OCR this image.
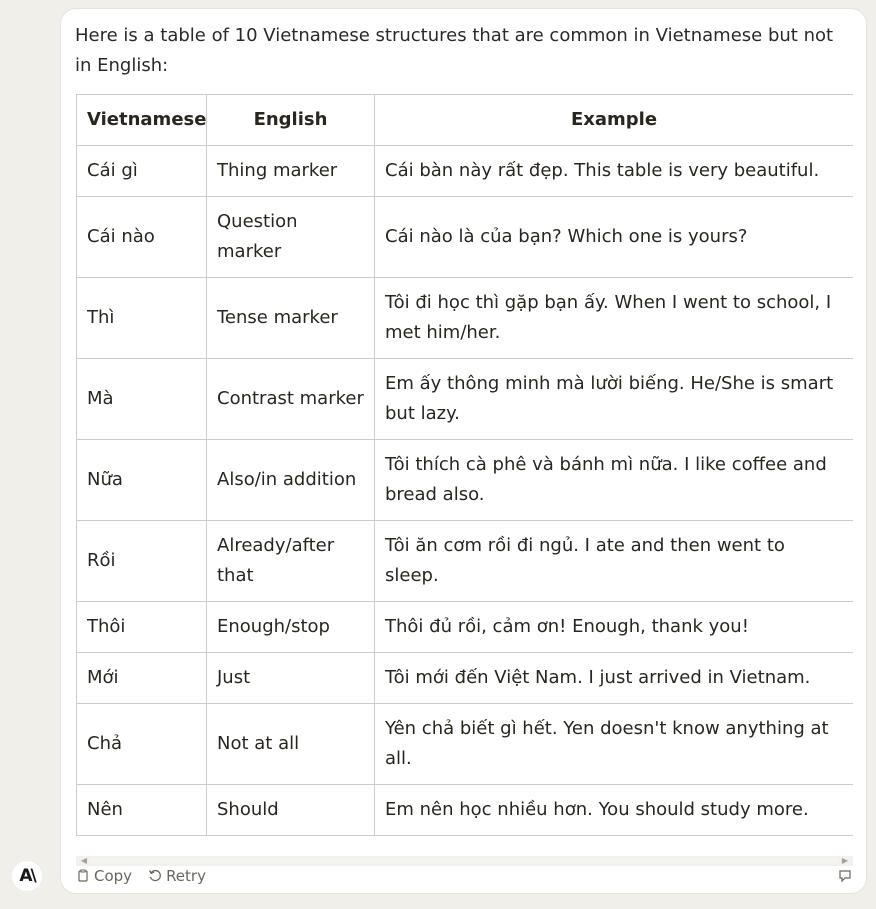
A\
Here is a table of 10 Vietnamese structures that are common in Vietnamese but not in English:
Vietnamese	English	Example
Cái gì	Thing marker	Cái bàn này rất đẹp. This table is very beautiful.
Cái nào	Question marker	Cái nào là của bạn? Which one is yours?
Thì	Tense marker	Tôi đi học thì gặp bạn ấy. When I went to school, I met him/her.
Mà	Contrast marker	Em ấy thông minh mà lười biếng. He/She is smart but lazy.
Nữa	Also/in addition	Tôi thích cà phê và bánh mì nữa. I like coffee and bread also.
Rồi	Already/after that	Tôi ăn cơm rồi đi ngủ. I ate and then went to sleep.
Thôi	Enough/stop	Thôi đủ rồi, cảm ơn! Enough, thank you!
Mới	Just	Tôi mới đến Việt Nam. I just arrived in Vietnam.
Chả	Not at all	Yên chả biết gì hết. Yen doesn't know anything at all.
Nên	Should	Em nên học nhiều hơn. You should study more.
◀	▶
Copy Retry
